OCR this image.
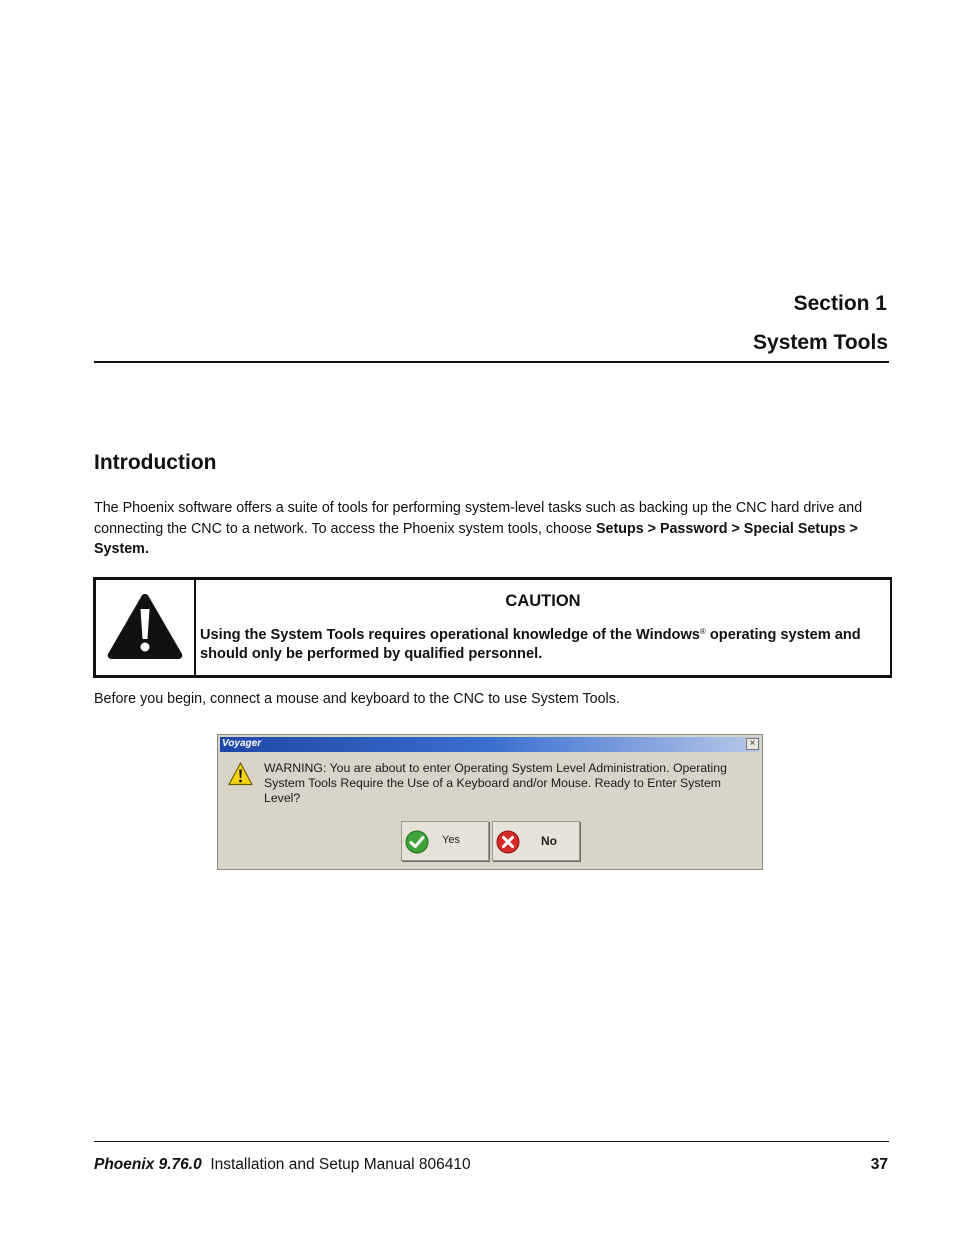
Section 1
System Tools
Introduction
The Phoenix software offers a suite of tools for performing system-level tasks such as backing up the CNC hard drive and connecting the CNC to a network. To access the Phoenix system tools, choose Setups > Password > Special Setups > System.
CAUTION
Using the System Tools requires operational knowledge of the Windows® operating system and should only be performed by qualified personnel.
Before you begin, connect a mouse and keyboard to the CNC to use System Tools.
Voyager	×
WARNING: You are about to enter Operating System Level Administration. Operating System Tools Require the Use of a Keyboard and/or Mouse. Ready to Enter System Level?
Yes	No
Phoenix 9.76.0 Installation and Setup Manual 806410	37
